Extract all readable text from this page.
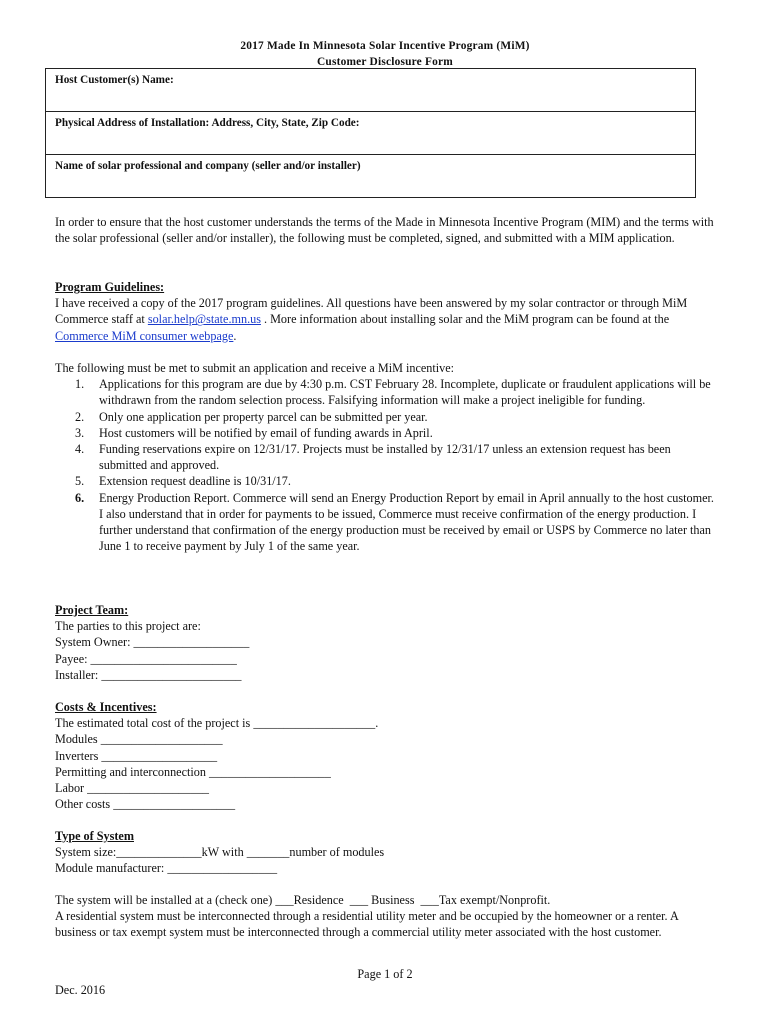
2017 Made In Minnesota Solar Incentive Program (MiM)
Customer Disclosure Form
Host Customer(s) Name:
Physical Address of Installation: Address, City, State, Zip Code:
Name of solar professional and company (seller and/or installer)
In order to ensure that the host customer understands the terms of the Made in Minnesota Incentive Program (MIM) and the terms with the solar professional (seller and/or installer), the following must be completed, signed, and submitted with a MIM application.
Program Guidelines:
I have received a copy of the 2017 program guidelines. All questions have been answered by my solar contractor or through MiM Commerce staff at solar.help@state.mn.us . More information about installing solar and the MiM program can be found at the Commerce MiM consumer webpage.
The following must be met to submit an application and receive a MiM incentive:
1. Applications for this program are due by 4:30 p.m. CST February 28. Incomplete, duplicate or fraudulent applications will be withdrawn from the random selection process. Falsifying information will make a project ineligible for funding.
2. Only one application per property parcel can be submitted per year.
3. Host customers will be notified by email of funding awards in April.
4. Funding reservations expire on 12/31/17. Projects must be installed by 12/31/17 unless an extension request has been submitted and approved.
5. Extension request deadline is 10/31/17.
6. Energy Production Report. Commerce will send an Energy Production Report by email in April annually to the host customer. I also understand that in order for payments to be issued, Commerce must receive confirmation of the energy production. I further understand that confirmation of the energy production must be received by email or USPS by Commerce no later than June 1 to receive payment by July 1 of the same year.
Project Team:
The parties to this project are:
System Owner: ___________________
Payee: ________________________
Installer: _______________________
Costs & Incentives:
The estimated total cost of the project is ____________________.
Modules ____________________
Inverters ___________________
Permitting and interconnection ____________________
Labor ____________________
Other costs ____________________
Type of System
System size:______________kW with _______number of modules
Module manufacturer: __________________
The system will be installed at a (check one) ___Residence  ___ Business  ___Tax exempt/Nonprofit.
A residential system must be interconnected through a residential utility meter and be occupied by the homeowner or a renter. A business or tax exempt system must be interconnected through a commercial utility meter associated with the host customer.
Page 1 of 2
Dec. 2016
